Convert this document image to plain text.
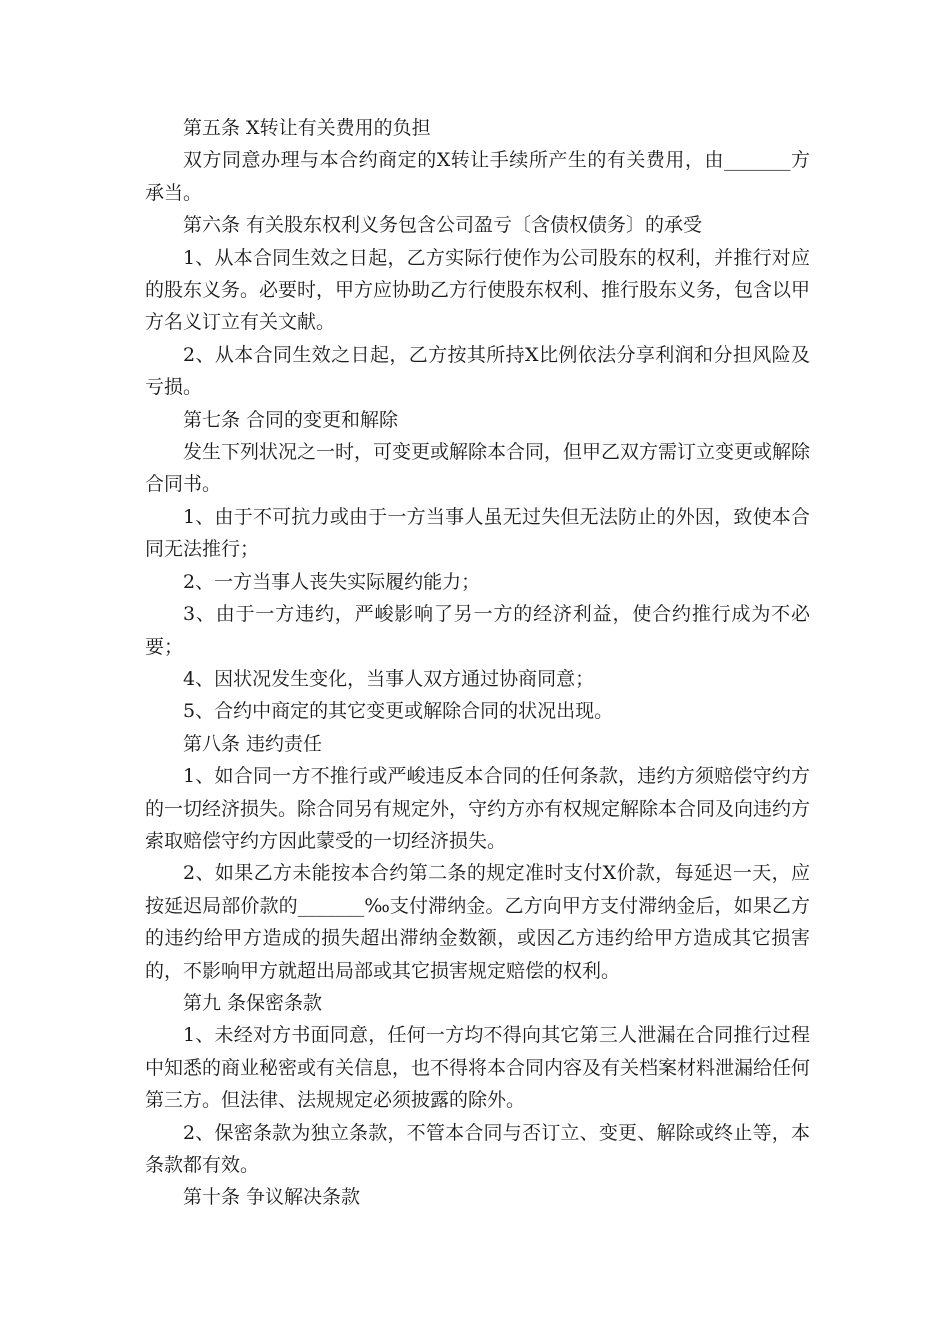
第五条 X转让有关费用的负担

双方同意办理与本合约商定的X转让手续所产生的有关费用，由_______方承当。

第六条 有关股东权利义务包含公司盈亏〔含债权债务〕的承受

1、从本合同生效之日起，乙方实际行使作为公司股东的权利，并推行对应的股东义务。必要时，甲方应协助乙方行使股东权利、推行股东义务，包含以甲方名义订立有关文献。

2、从本合同生效之日起，乙方按其所持X比例依法分享利润和分担风险及亏损。

第七条 合同的变更和解除

发生下列状况之一时，可变更或解除本合同，但甲乙双方需订立变更或解除合同书。

1、由于不可抗力或由于一方当事人虽无过失但无法防止的外因，致使本合同无法推行；

2、一方当事人丧失实际履约能力；

3、由于一方违约，严峻影响了另一方的经济利益，使合约推行成为不必要；

4、因状况发生变化，当事人双方通过协商同意；

5、合约中商定的其它变更或解除合同的状况出现。

第八条 违约责任

1、如合同一方不推行或严峻违反本合同的任何条款，违约方须赔偿守约方的一切经济损失。除合同另有规定外，守约方亦有权规定解除本合同及向违约方索取赔偿守约方因此蒙受的一切经济损失。

2、如果乙方未能按本合约第二条的规定准时支付X价款，每延迟一天，应按延迟局部价款的_______‰支付滞纳金。乙方向甲方支付滞纳金后，如果乙方的违约给甲方造成的损失超出滞纳金数额，或因乙方违约给甲方造成其它损害的，不影响甲方就超出局部或其它损害规定赔偿的权利。

第九 条保密条款

1、未经对方书面同意，任何一方均不得向其它第三人泄漏在合同推行过程中知悉的商业秘密或有关信息，也不得将本合同内容及有关档案材料泄漏给任何第三方。但法律、法规规定必须披露的除外。

2、保密条款为独立条款，不管本合同与否订立、变更、解除或终止等，本条款都有效。

第十条 争议解决条款
